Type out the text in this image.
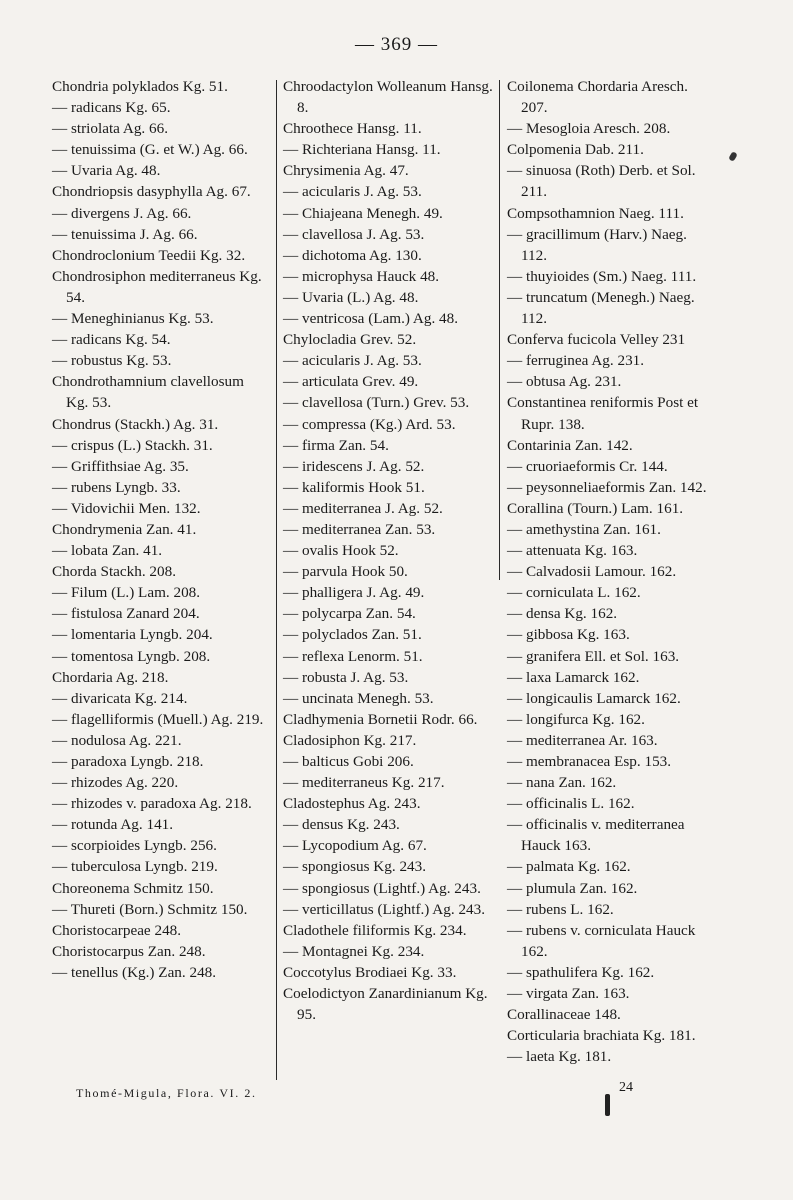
— 369 —
Chondria polyklados Kg. 51.
— radicans Kg. 65.
— striolata Ag. 66.
— tenuissima (G. et W.) Ag. 66.
— Uvaria Ag. 48.
Chondriopsis dasyphylla Ag. 67.
— divergens J. Ag. 66.
— tenuissima J. Ag. 66.
Chondroclonium Teedii Kg. 32.
Chondrosiphon mediterraneus Kg. 54.
— Meneghinianus Kg. 53.
— radicans Kg. 54.
— robustus Kg. 53.
Chondrothamnium clavellosum Kg. 53.
Chondrus (Stackh.) Ag. 31.
— crispus (L.) Stackh. 31.
— Griffithsiae Ag. 35.
— rubens Lyngb. 33.
— Vidovichii Men. 132.
Chondrymenia Zan. 41.
— lobata Zan. 41.
Chorda Stackh. 208.
— Filum (L.) Lam. 208.
— fistulosa Zanard 204.
— lomentaria Lyngb. 204.
— tomentosa Lyngb. 208.
Chordaria Ag. 218.
— divaricata Kg. 214.
— flagelliformis (Muell.) Ag. 219.
— nodulosa Ag. 221.
— paradoxa Lyngb. 218.
— rhizodes Ag. 220.
— rhizodes v. paradoxa Ag. 218.
— rotunda Ag. 141.
— scorpioides Lyngb. 256.
— tuberculosa Lyngb. 219.
Choreonema Schmitz 150.
— Thureti (Born.) Schmitz 150.
Choristocarpeae 248.
Choristocarpus Zan. 248.
— tenellus (Kg.) Zan. 248.
Chroodactylon Wolleanum Hansg. 8.
Chroothece Hansg. 11.
— Richteriana Hansg. 11.
Chrysimenia Ag. 47.
— acicularis J. Ag. 53.
— Chiajeana Menegh. 49.
— clavellosa J. Ag. 53.
— dichotoma Ag. 130.
— microphysa Hauck 48.
— Uvaria (L.) Ag. 48.
— ventricosa (Lam.) Ag. 48.
Chylocladia Grev. 52.
— acicularis J. Ag. 53.
— articulata Grev. 49.
— clavellosa (Turn.) Grev. 53.
— compressa (Kg.) Ard. 53.
— firma Zan. 54.
— iridescens J. Ag. 52.
— kaliformis Hook 51.
— mediterranea J. Ag. 52.
— mediterranea Zan. 53.
— ovalis Hook 52.
— parvula Hook 50.
— phalligera J. Ag. 49.
— polycarpa Zan. 54.
— polyclados Zan. 51.
— reflexa Lenorm. 51.
— robusta J. Ag. 53.
— uncinata Menegh. 53.
Cladhymenia Bornetii Rodr. 66.
Cladosiphon Kg. 217.
— balticus Gobi 206.
— mediterraneus Kg. 217.
Cladostephus Ag. 243.
— densus Kg. 243.
— Lycopodium Ag. 67.
— spongiosus Kg. 243.
— spongiosus (Lightf.) Ag. 243.
— verticillatus (Lightf.) Ag. 243.
Cladothele filiformis Kg. 234.
— Montagnei Kg. 234.
Coccotylus Brodiaei Kg. 33.
Coelodictyon Zanardinianum Kg. 95.
Coilonema Chordaria Aresch. 207.
— Mesogloia Aresch. 208.
Colpomenia Dab. 211.
— sinuosa (Roth) Derb. et Sol. 211.
Compsothamnion Naeg. 111.
— gracillimum (Harv.) Naeg. 112.
— thuyioides (Sm.) Naeg. 111.
— truncatum (Menegh.) Naeg. 112.
Conferva fucicola Velley 231
— ferruginea Ag. 231.
— obtusa Ag. 231.
Constantinea reniformis Post et Rupr. 138.
Contarinia Zan. 142.
— cruoriaeformis Cr. 144.
— peysonneliaeformis Zan. 142.
Corallina (Tourn.) Lam. 161.
— amethystina Zan. 161.
— attenuata Kg. 163.
— Calvadosii Lamour. 162.
— corniculata L. 162.
— densa Kg. 162.
— gibbosa Kg. 163.
— granifera Ell. et Sol. 163.
— laxa Lamarck 162.
— longicaulis Lamarck 162.
— longifurca Kg. 162.
— mediterranea Ar. 163.
— membranacea Esp. 153.
— nana Zan. 162.
— officinalis L. 162.
— officinalis v. mediterranea Hauck 163.
— palmata Kg. 162.
— plumula Zan. 162.
— rubens L. 162.
— rubens v. corniculata Hauck 162.
— spathulifera Kg. 162.
— virgata Zan. 163.
Corallinaceae 148.
Corticularia brachiata Kg. 181.
— laeta Kg. 181.
Thomé-Migula, Flora. VI. 2.	24
